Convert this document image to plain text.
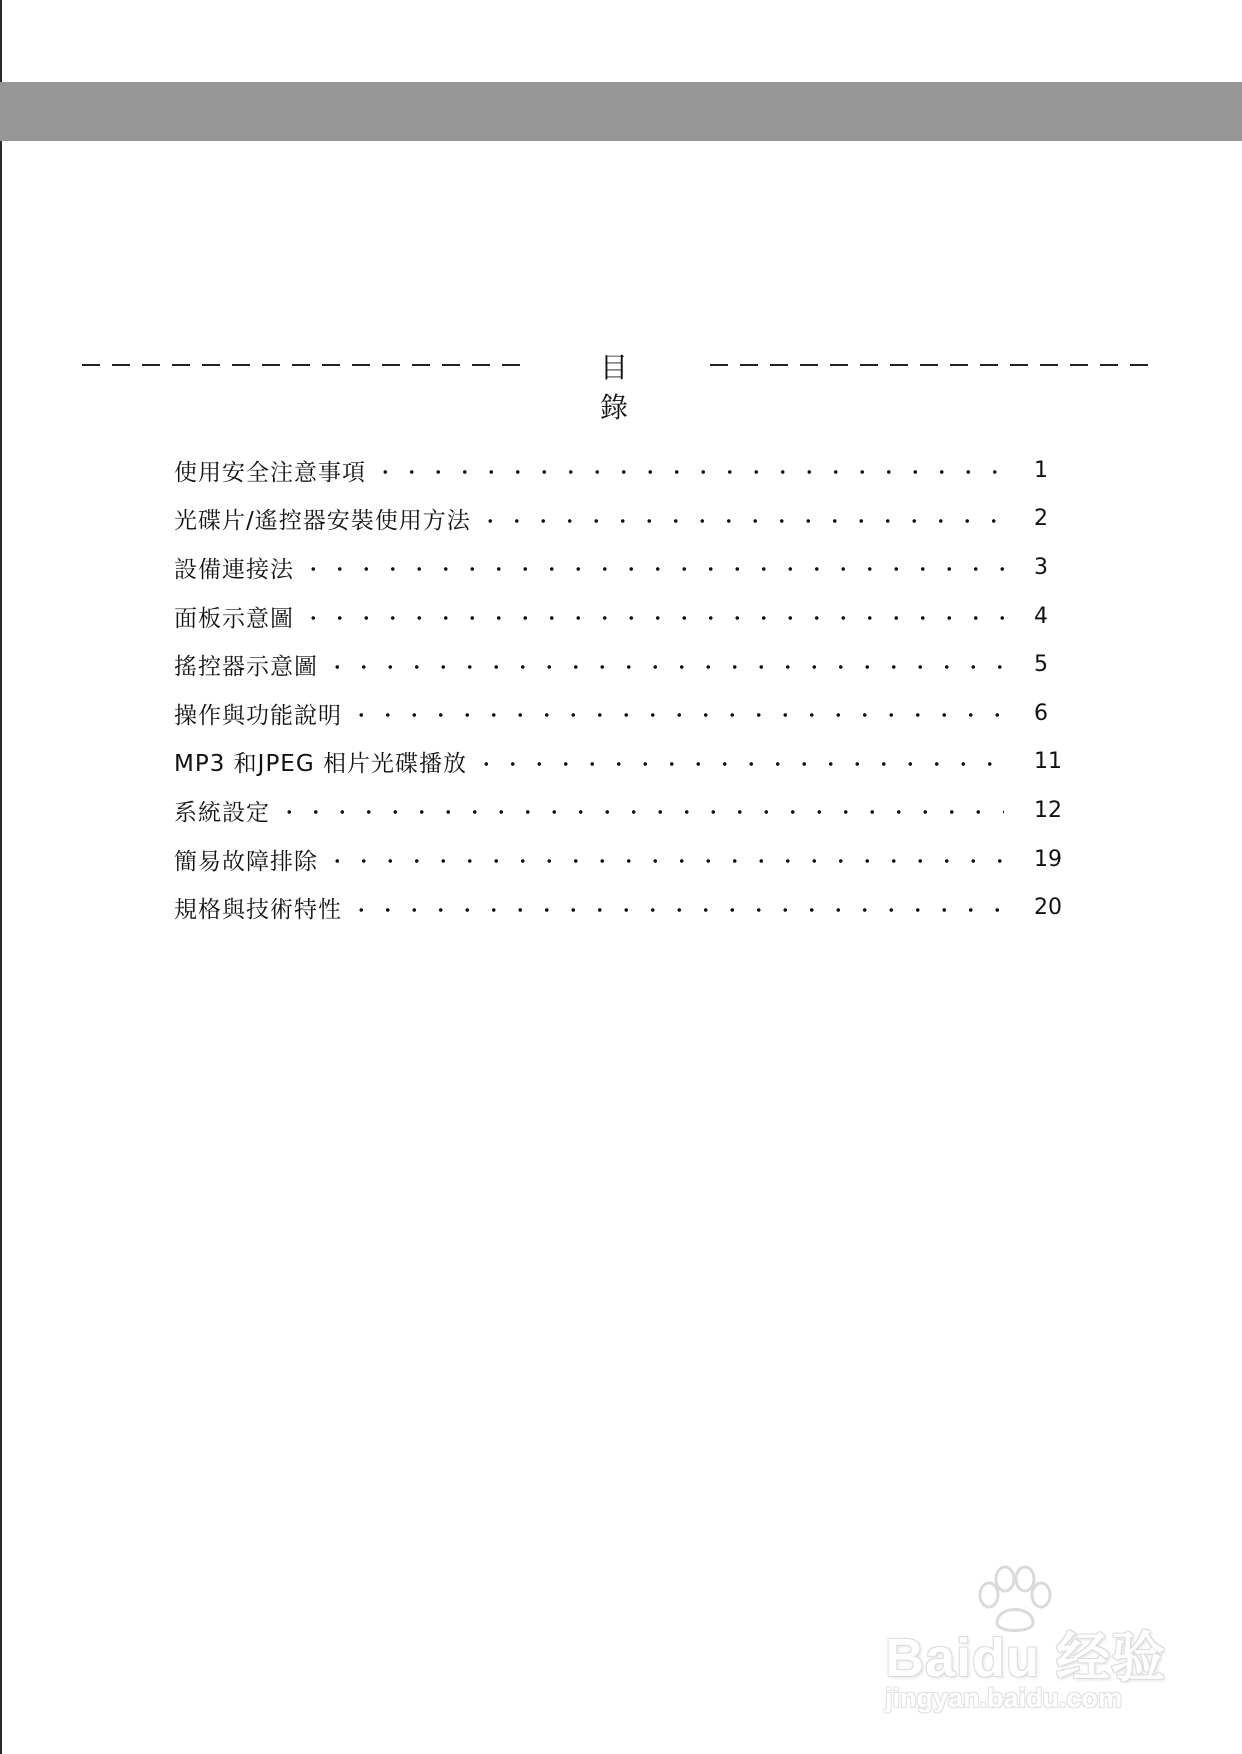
目　錄
使用安全注意事項	1
光碟片/遙控器安裝使用方法	2
設備連接法	3
面板示意圖	4
搖控器示意圖	5
操作與功能說明	6
MP3 和JPEG 相片光碟播放	11
系統設定	12
簡易故障排除	19
規格與技術特性	20
Baidu 经验
jingyan.baidu.com
